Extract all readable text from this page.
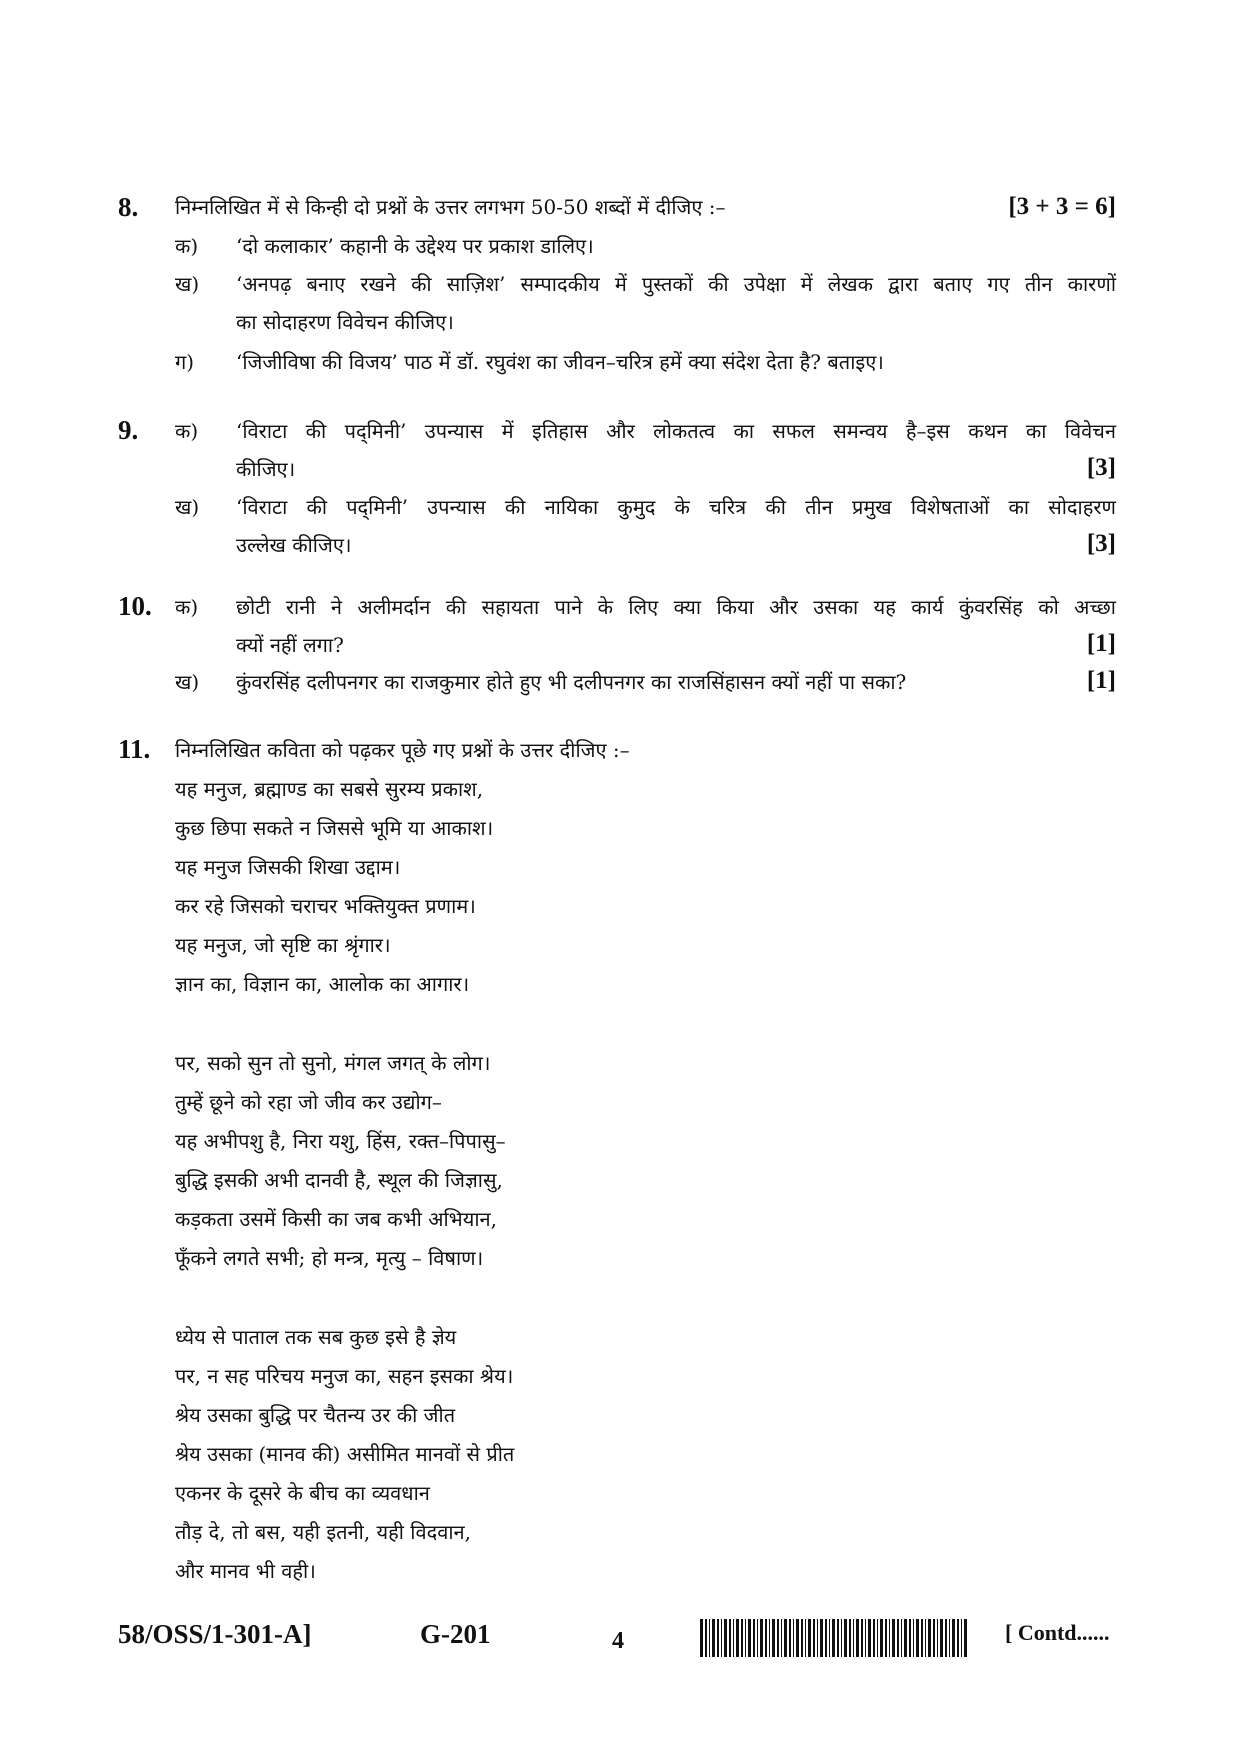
8. निम्नलिखित में से किन्ही दो प्रश्नों के उत्तर लगभग 50-50 शब्दों में दीजिए :–	[3 + 3 = 6]
क) ‘दो कलाकार’ कहानी के उद्देश्य पर प्रकाश डालिए।
ख) ‘अनपढ़ बनाए रखने की साज़िश’ सम्पादकीय में पुस्तकों की उपेक्षा में लेखक द्वारा बताए गए तीन कारणों
का सोदाहरण विवेचन कीजिए।
ग) ‘जिजीविषा की विजय’ पाठ में डॉ. रघुवंश का जीवन–चरित्र हमें क्या संदेश देता है? बताइए।
9. क) ‘विराटा की पद्‌मिनी’ उपन्यास में इतिहास और लोकतत्व का सफल समन्वय है–इस कथन का विवेचन
कीजिए।	[3]
ख) ‘विराटा की पद्‌मिनी’ उपन्यास की नायिका कुमुद के चरित्र की तीन प्रमुख विशेषताओं का सोदाहरण
उल्लेख कीजिए।	[3]
10. क) छोटी रानी ने अलीमर्दान की सहायता पाने के लिए क्या किया और उसका यह कार्य कुंवरसिंह को अच्छा
क्यों नहीं लगा?	[1]
ख) कुंवरसिंह दलीपनगर का राजकुमार होते हुए भी दलीपनगर का राजसिंहासन क्यों नहीं पा सका?	[1]
11. निम्नलिखित कविता को पढ़कर पूछे गए प्रश्नों के उत्तर दीजिए :–
यह मनुज, ब्रह्माण्ड का सबसे सुरम्य प्रकाश,
कुछ छिपा सकते न जिससे भूमि या आकाश।
यह मनुज जिसकी शिखा उद्दाम।
कर रहे जिसको चराचर भक्तियुक्त प्रणाम।
यह मनुज, जो सृष्टि का श्रृंगार।
ज्ञान का, विज्ञान का, आलोक का आगार।
पर, सको सुन तो सुनो, मंगल जगत् के लोग।
तुम्हें छूने को रहा जो जीव कर उद्योग–
यह अभीपशु है, निरा यशु, हिंस, रक्त–पिपासु–
बुद्धि इसकी अभी दानवी है, स्थूल की जिज्ञासु,
कड़कता उसमें किसी का जब कभी अभियान,
फूँकने लगते सभी; हो मन्त्र, मृत्यु – विषाण।
ध्येय से पाताल तक सब कुछ इसे है ज्ञेय
पर, न सह परिचय मनुज का, सहन इसका श्रेय।
श्रेय उसका बुद्धि पर चैतन्य उर की जीत
श्रेय उसका (मानव की) असीमित मानवों से प्रीत
एकनर के दूसरे के बीच का व्यवधान
तौड़ दे, तो बस, यही इतनी, यही विदवान,
और मानव भी वही।
58/OSS/1-301-A]	G-201	4	[ Contd......
